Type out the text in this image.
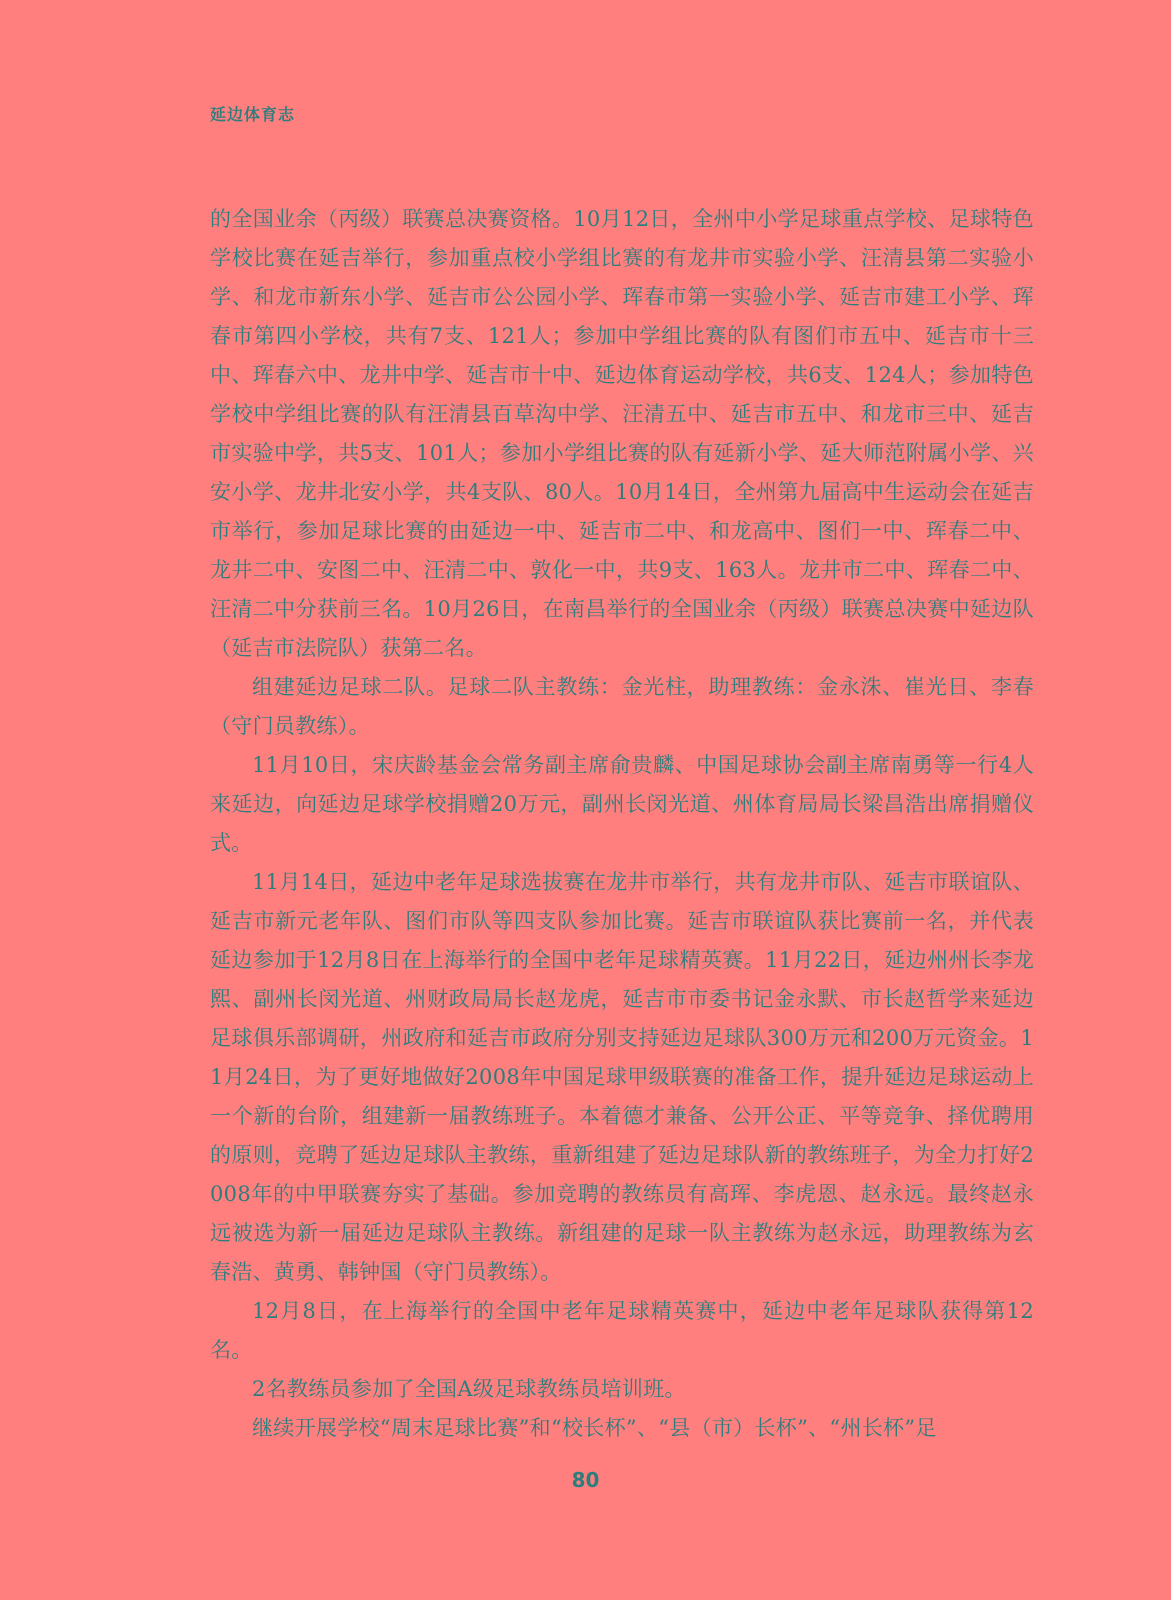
延边体育志

的全国业余（丙级）联赛总决赛资格。10月12日，全州中小学足球重点学校、足球特色学校比赛在延吉举行，参加重点校小学组比赛的有龙井市实验小学、汪清县第二实验小学、和龙市新东小学、延吉市公公园小学、珲春市第一实验小学、延吉市建工小学、珲春市第四小学校，共有7支、121人；参加中学组比赛的队有图们市五中、延吉市十三中、珲春六中、龙井中学、延吉市十中、延边体育运动学校，共6支、124人；参加特色学校中学组比赛的队有汪清县百草沟中学、汪清五中、延吉市五中、和龙市三中、延吉市实验中学，共5支、101人；参加小学组比赛的队有延新小学、延大师范附属小学、兴安小学、龙井北安小学，共4支队、80人。10月14日，全州第九届高中生运动会在延吉市举行，参加足球比赛的由延边一中、延吉市二中、和龙高中、图们一中、珲春二中、龙井二中、安图二中、汪清二中、敦化一中，共9支、163人。龙井市二中、珲春二中、汪清二中分获前三名。10月26日，在南昌举行的全国业余（丙级）联赛总决赛中延边队（延吉市法院队）获第二名。

组建延边足球二队。足球二队主教练：金光柱，助理教练：金永洙、崔光日、李春（守门员教练）。

11月10日，宋庆龄基金会常务副主席俞贵麟、中国足球协会副主席南勇等一行4人来延边，向延边足球学校捐赠20万元，副州长闵光道、州体育局局长梁昌浩出席捐赠仪式。

11月14日，延边中老年足球选拔赛在龙井市举行，共有龙井市队、延吉市联谊队、 延吉市新元老年队、图们市队等四支队参加比赛。延吉市联谊队获比赛前一名，并代表延边参加于12月8日在上海举行的全国中老年足球精英赛。11月22日，延边州州长李龙熙、副州长闵光道、州财政局局长赵龙虎，延吉市市委书记金永默、市长赵哲学来延边足球俱乐部调研，州政府和延吉市政府分别支持延边足球队300万元和200万元资金。11月24日，为了更好地做好2008年中国足球甲级联赛的准备工作，提升延边足球运动上一个新的台阶，组建新一届教练班子。本着德才兼备、公开公正、平等竞争、择优聘用的原则，竞聘了延边足球队主教练，重新组建了延边足球队新的教练班子，为全力打好2008年的中甲联赛夯实了基础。参加竞聘的教练员有高珲、李虎恩、赵永远。最终赵永远被选为新一届延边足球队主教练。新组建的足球一队主教练为赵永远，助理教练为玄春浩、黄勇、韩钟国（守门员教练）。

12月8日，在上海举行的全国中老年足球精英赛中，延边中老年足球队获得第12名。

2名教练员参加了全国A级足球教练员培训班。

继续开展学校“周末足球比赛”和“校长杯”、“县（市）长杯”、“州长杯”足

80
